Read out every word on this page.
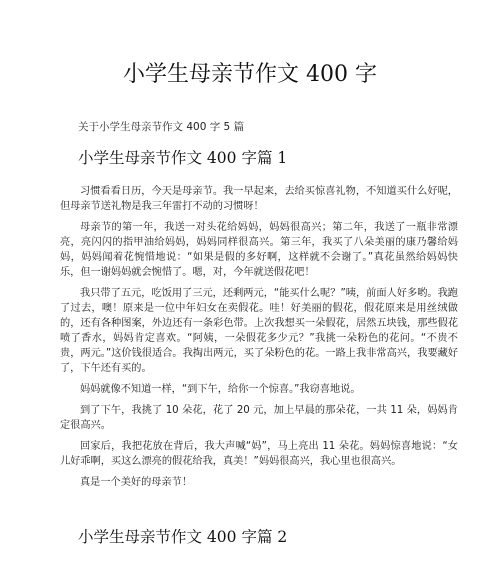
小学生母亲节作文 400 字

关于小学生母亲节作文 400 字 5 篇

小学生母亲节作文 400 字篇 1

习惯看看日历，今天是母亲节。我一早起来，去给买惊喜礼物，不知道买什么好呢，但母亲节送礼物是我三年雷打不动的习惯呀！

母亲节的第一年，我送一对头花给妈妈，妈妈很高兴；第二年，我送了一瓶非常漂亮，亮闪闪的指甲油给妈妈，妈妈同样很高兴。第三年，我买了八朵美丽的康乃馨给妈妈，妈妈闻着花惋惜地说：“如果是假的多好啊，这样就不会谢了。”真花虽然给妈妈快乐，但一谢妈妈就会惋惜了。嗯，对，今年就送假花吧！

我只带了五元，吃饭用了三元，还剩两元，“能买什么呢？”咦，前面人好多哟。我跑了过去，噢！原来是一位中年妇女在卖假花。哇！好美丽的假花，假花原来是用丝绒做的，还有各种图案，外边还有一条彩色带。上次我想买一朵假花，居然五块钱，那些假花喷了香水，妈妈肯定喜欢。“阿姨，一朵假花多少元？”我挑一朵粉色的花问。“不贵不贵，两元。”这价钱很适合。我掏出两元，买了朵粉色的花。一路上我非常高兴，我要藏好了，下午还有买的。

妈妈就像不知道一样，“到下午，给你一个惊喜。”我窃喜地说。

到了下午，我挑了 10 朵花，花了 20 元，加上早晨的那朵花，一共 11 朵，妈妈肯定很高兴。

回家后，我把花放在背后，我大声喊“妈”，马上亮出 11 朵花。妈妈惊喜地说：“女儿好乖啊，买这么漂亮的假花给我，真美！”妈妈很高兴，我心里也很高兴。

真是一个美好的母亲节！

小学生母亲节作文 400 字篇 2
